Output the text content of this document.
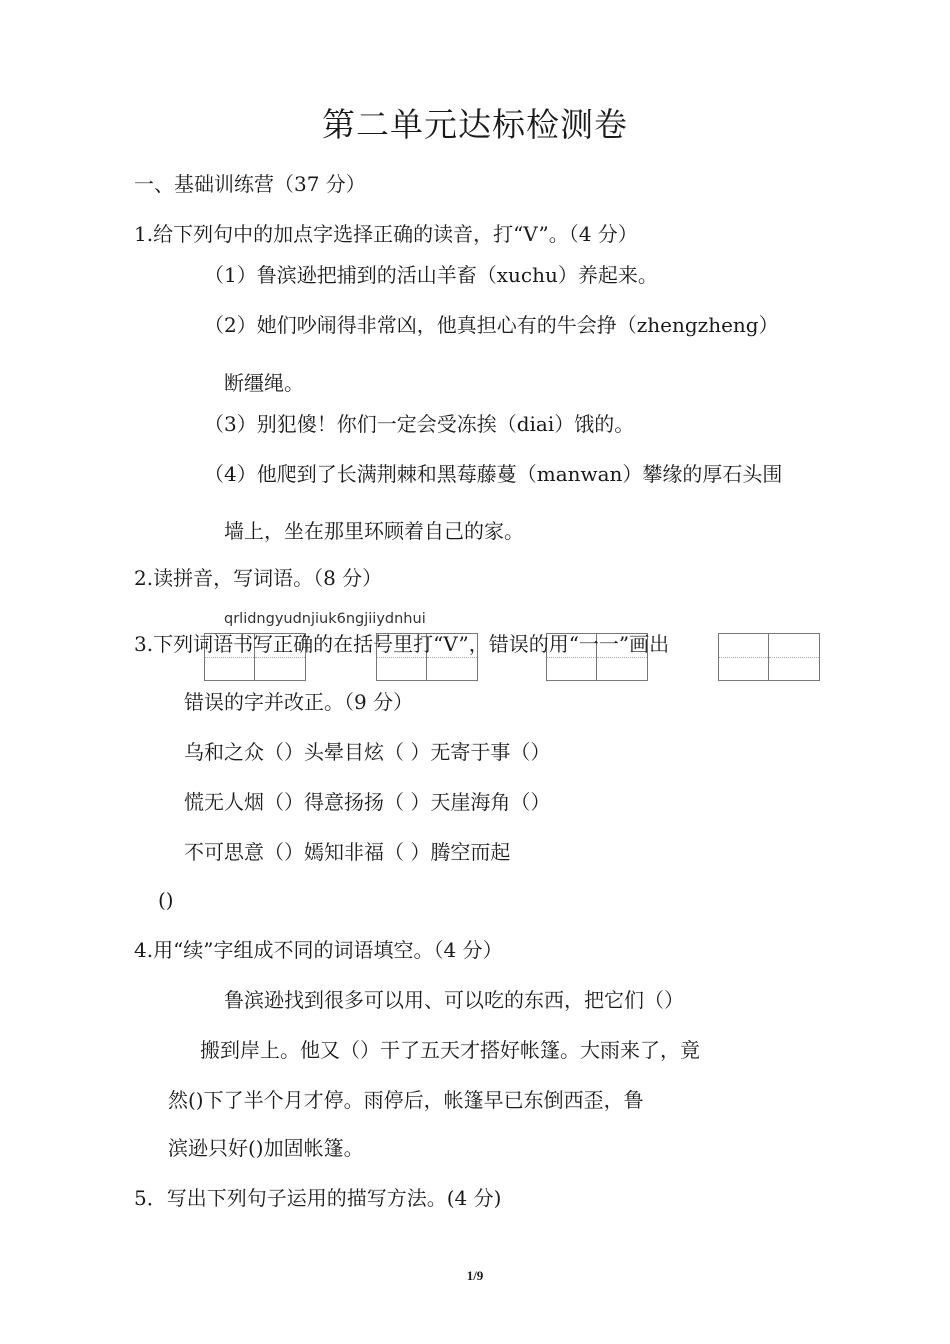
第二单元达标检测卷
一、基础训练营（37 分）
1.给下列句中的加点字选择正确的读音，打“V”。（4 分）
（1）鲁滨逊把捕到的活山羊畜（xuchu）养起来。
（2）她们吵闹得非常凶，他真担心有的牛会挣（zhengzheng）
断缰绳。
（3）别犯傻！你们一定会受冻挨（diai）饿的。
（4）他爬到了长满荆棘和黑莓藤蔓（manwan）攀缘的厚石头围
墙上，坐在那里环顾着自己的家。
2.读拼音，写词语。（8 分）
qrlidngyudnjiuk6ngjiiydnhui
3.下列词语书写正确的在括号里打“V”，错误的用“一一”画出
错误的字并改正。（9 分）
乌和之众（）头晕目炫（ ）无寄于事（）
慌无人烟（）得意扬扬（ ）天崖海角（）
不可思意（）嫣知非福（ ）腾空而起
()
4.用“续”字组成不同的词语填空。（4 分）
鲁滨逊找到很多可以用、可以吃的东西，把它们（）
搬到岸上。他又（）干了五天才搭好帐篷。大雨来了，竟
然()下了半个月才停。雨停后，帐篷早已东倒西歪，鲁
滨逊只好()加固帐篷。
5．写出下列句子运用的描写方法。(4 分)
1/9
